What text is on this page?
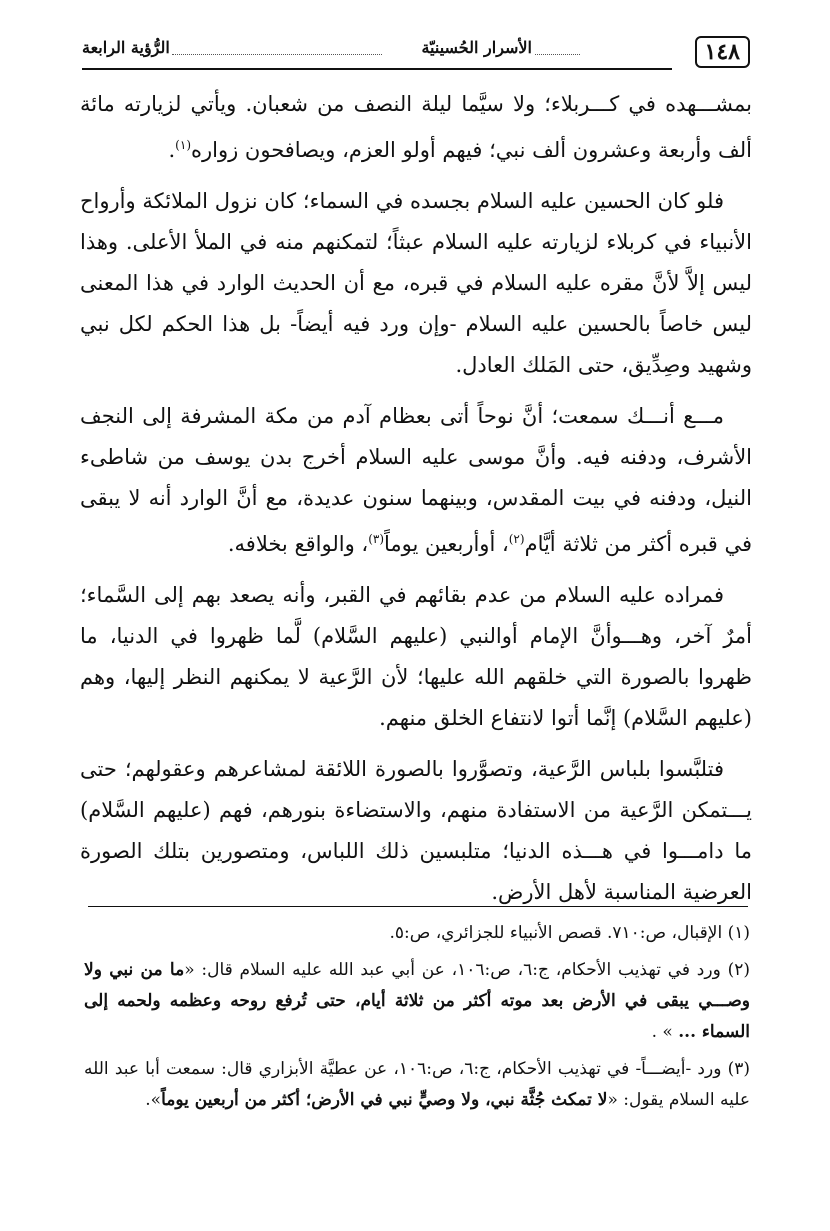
١٤٨
الأسرار الحُسينيّة
الرُّؤية الرابعة

بمشـــهده في كـــربلاء؛ ولا سيَّما ليلة النصف من شعبان. ويأتي لزيارته مائة ألف وأربعة وعشرون ألف نبي؛ فيهم أولو العزم، ويصافحون زواره$^{(١)}$.

فلو كان الحسين عليه السلام بجسده في السماء؛ كان نزول الملائكة وأرواح الأنبياء في كربلاء لزيارته عليه السلام عبثاً؛ لتمكنهم منه في الملأ الأعلى. وهذا ليس إلاَّ لأنَّ مقره عليه السلام في قبره، مع أن الحديث الوارد في هذا المعنى ليس خاصاً بالحسين عليه السلام -وإن ورد فيه أيضاً- بل هذا الحكم لكل نبي وشهيد وصِدِّيق، حتى المَلك العادل.

مـــع أنـــك سمعت؛ أنَّ نوحاً أتى بعظام آدم من مكة المشرفة إلى النجف الأشرف، ودفنه فيه. وأنَّ موسى عليه السلام أخرج بدن يوسف من شاطىء النيل، ودفنه في بيت المقدس، وبينهما سنون عديدة، مع أنَّ الوارد أنه لا يبقى في قبره أكثر من ثلاثة أيَّام$^{(٢)}$، أوأربعين يوماً$^{(٣)}$، والواقع بخلافه.

فمراده عليه السلام من عدم بقائهم في القبر، وأنه يصعد بهم إلى السَّماء؛ أمرٌ آخر، وهـــوأنَّ الإمام أوالنبي (عليهم السَّلام) لَّما ظهروا في الدنيا، ما ظهروا بالصورة التي خلقهم الله عليها؛ لأن الرَّعية لا يمكنهم النظر إليها، وهم (عليهم السَّلام) إنَّما أتوا لانتفاع الخلق منهم.

فتلبَّسوا بلباس الرَّعية، وتصوَّروا بالصورة اللائقة لمشاعرهم وعقولهم؛ حتى يـــتمكن الرَّعية من الاستفادة منهم، والاستضاءة بنورهم، فهم (عليهم السَّلام) ما دامـــوا في هـــذه الدنيا؛ متلبسين ذلك اللباس، ومتصورين بتلك الصورة العرضية المناسبة لأهل الأرض.

(١) الإقبال، ص:٧١٠. قصص الأنبياء للجزائري، ص:٥.

(٢) ورد في تهذيب الأحكام، ج:٦، ص:١٠٦، عن أبي عبد الله عليه السلام قال: «ما من نبي ولا وصـــي يبقى في الأرض بعد موته أكثر من ثلاثة أيام، حتى تُرفع روحه وعظمه ولحمه إلى السماء ... » .

(٣) ورد -أيضـــاً- في تهذيب الأحكام، ج:٦، ص:١٠٦، عن عطيَّة الأبزاري قال: سمعت أبا عبد الله عليه السلام يقول: «لا تمكث جُثَّة نبي، ولا وصيٍّ نبي في الأرض؛ أكثر من أربعين يوماً».
